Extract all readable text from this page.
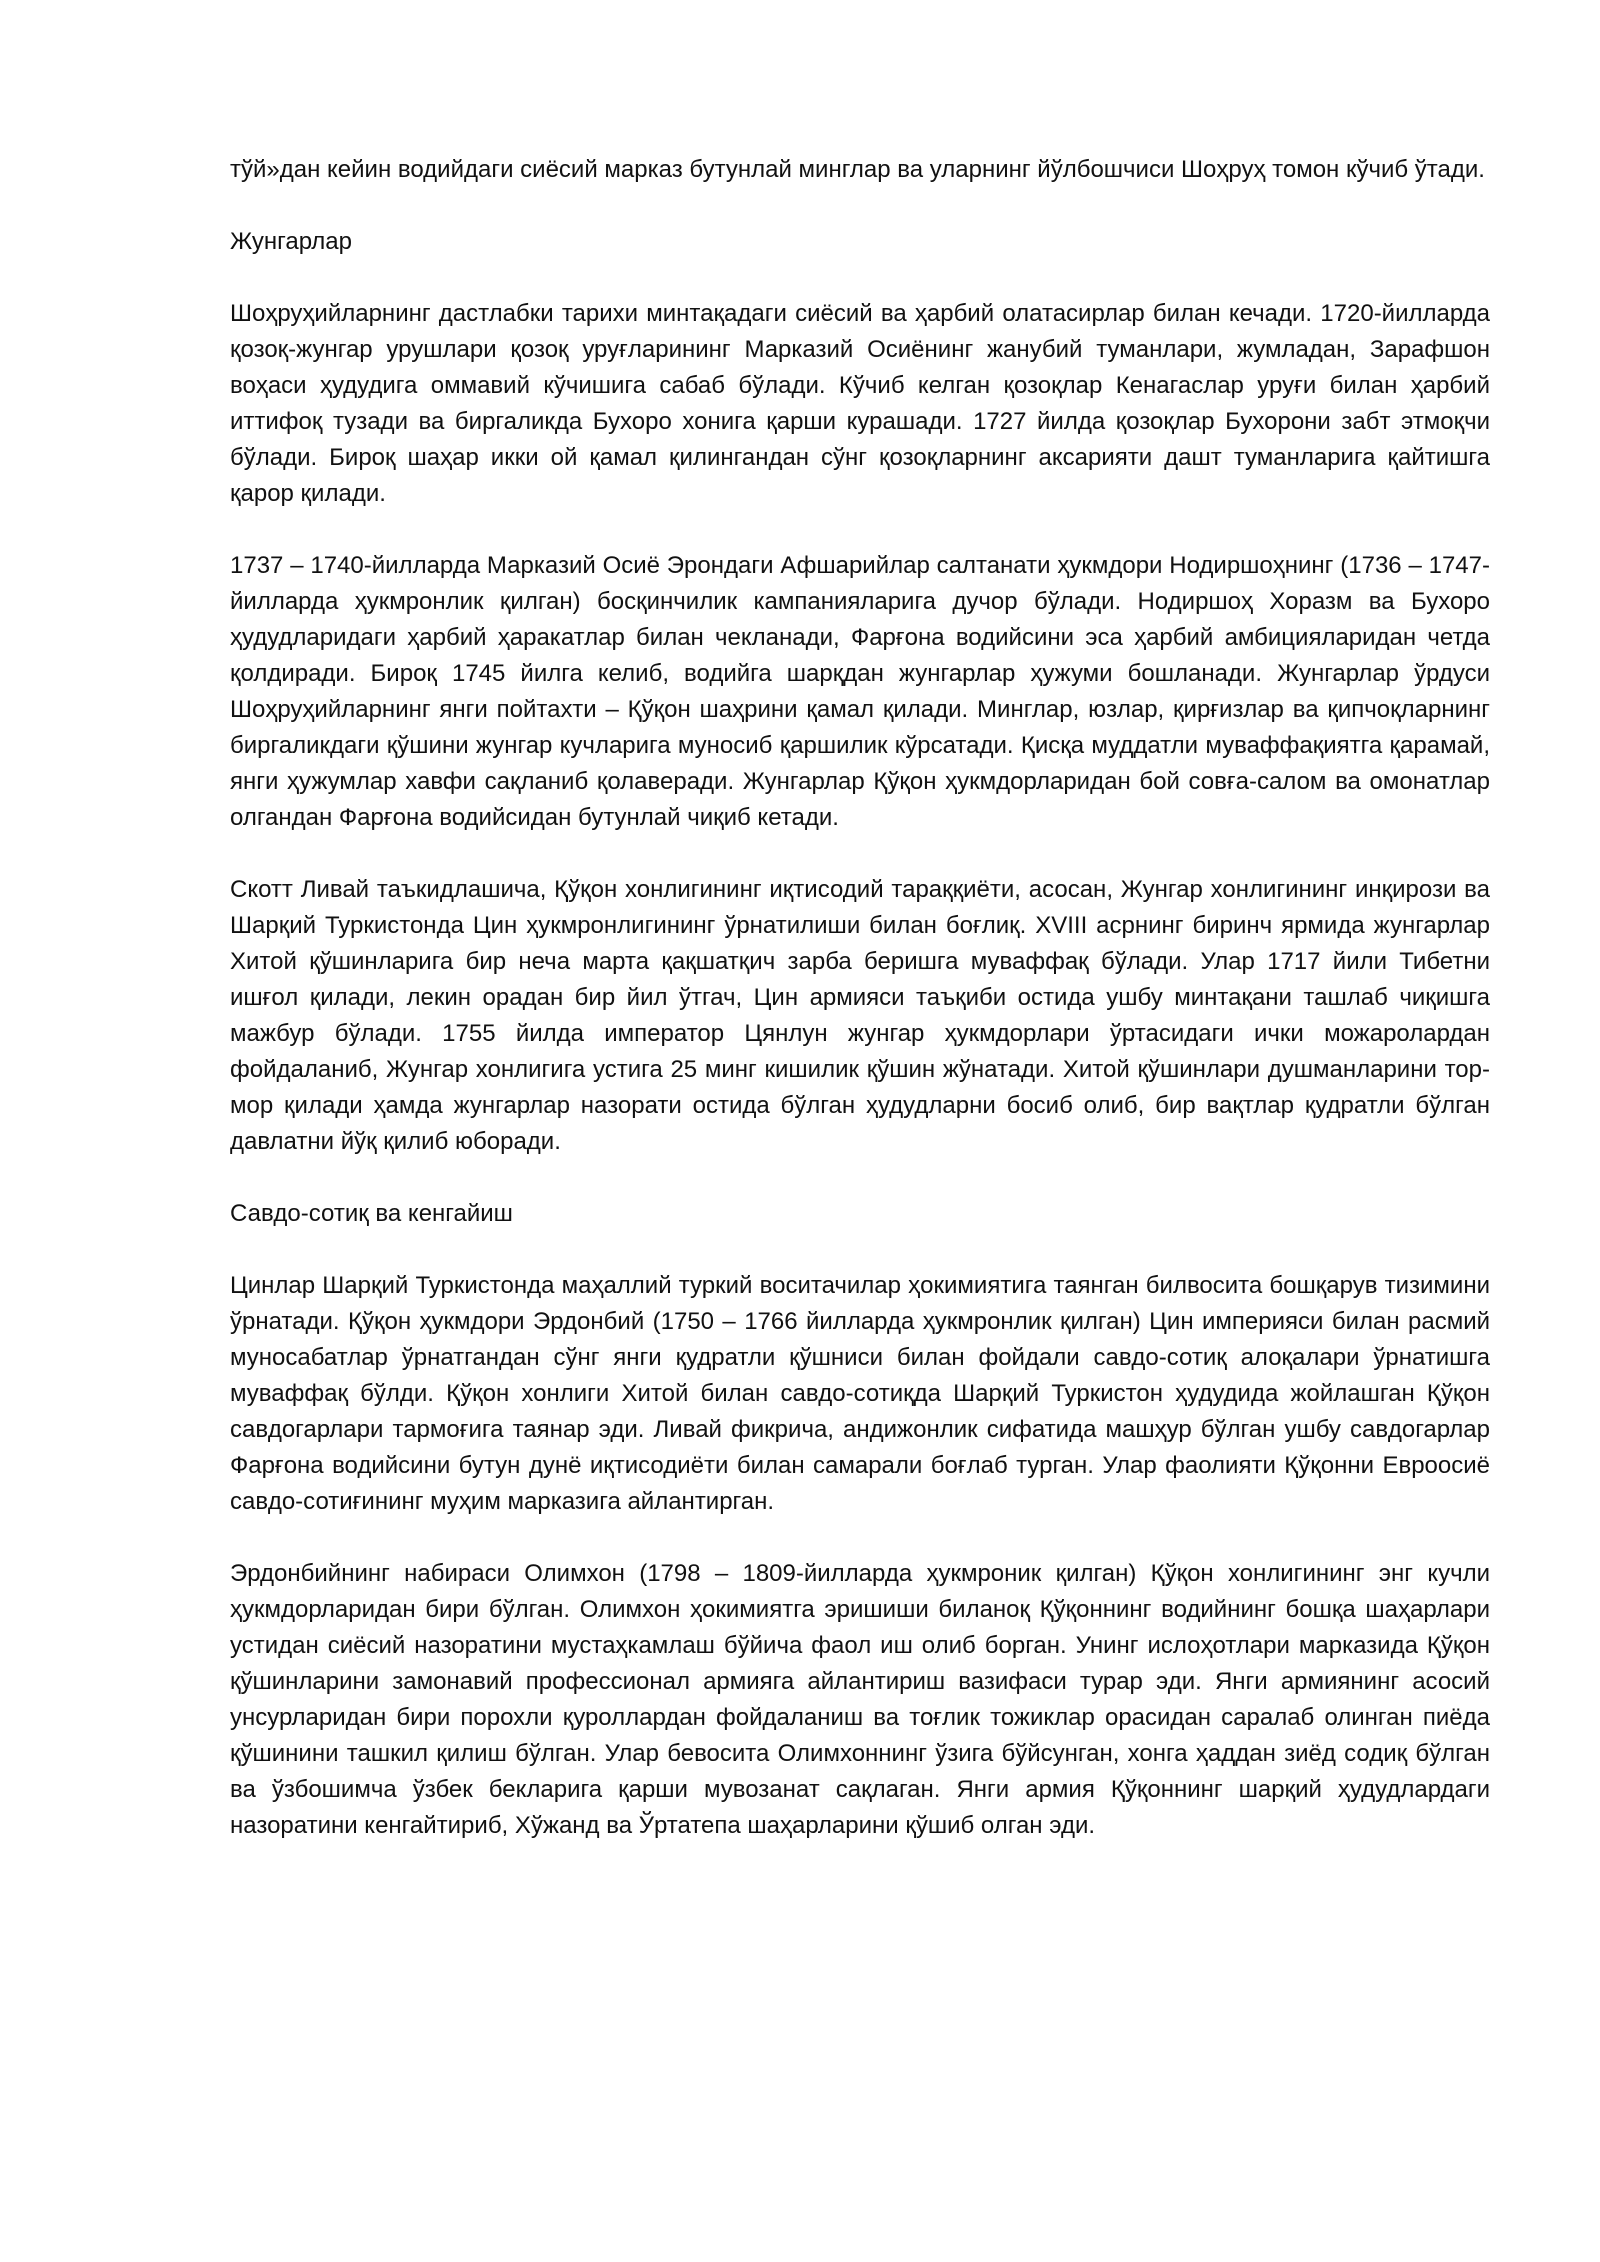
тўй»дан кейин водийдаги сиёсий марказ бутунлай минглар ва уларнинг йўлбошчиси Шоҳруҳ томон кўчиб ўтади.

Жунгарлар

Шоҳруҳийларнинг дастлабки тарихи минтақадаги сиёсий ва ҳарбий олатасирлар билан кечади. 1720-йилларда қозоқ-жунгар урушлари қозоқ уруғларининг Марказий Осиёнинг жанубий туманлари, жумладан, Зарафшон воҳаси ҳудудига оммавий кўчишига сабаб бўлади. Кўчиб келган қозоқлар Кенагаслар уруғи билан ҳарбий иттифоқ тузади ва биргаликда Бухоро хонига қарши курашади. 1727 йилда қозоқлар Бухорони забт этмоқчи бўлади. Бироқ шаҳар икки ой қамал қилингандан сўнг қозоқларнинг аксарияти дашт туманларига қайтишга қарор қилади.

1737 – 1740-йилларда Марказий Осиё Эрондаги Афшарийлар салтанати ҳукмдори Нодиршоҳнинг (1736 – 1747-йилларда ҳукмронлик қилган) босқинчилик кампанияларига дучор бўлади. Нодиршоҳ Хоразм ва Бухоро ҳудудларидаги ҳарбий ҳаракатлар билан чекланади, Фарғона водийсини эса ҳарбий амбицияларидан четда қолдиради. Бироқ 1745 йилга келиб, водийга шарқдан жунгарлар ҳужуми бошланади. Жунгарлар ўрдуси Шоҳруҳийларнинг янги пойтахти – Қўқон шаҳрини қамал қилади. Минглар, юзлар, қирғизлар ва қипчоқларнинг биргаликдаги қўшини жунгар кучларига муносиб қаршилик кўрсатади. Қисқа муддатли муваффақиятга қарамай, янги ҳужумлар хавфи сақланиб қолаверади. Жунгарлар Қўқон ҳукмдорларидан бой совға-салом ва омонатлар олгандан Фарғона водийсидан бутунлай чиқиб кетади.

Скотт Ливай таъкидлашича, Қўқон хонлигининг иқтисодий тараққиёти, асосан, Жунгар хонлигининг инқирози ва Шарқий Туркистонда Цин ҳукмронлигининг ўрнатилиши билан боғлиқ. XVIII асрнинг биринч ярмида жунгарлар Хитой қўшинларига бир неча марта қақшатқич зарба беришга муваффақ бўлади. Улар 1717 йили Тибетни ишғол қилади, лекин орадан бир йил ўтгач, Цин армияси таъқиби остида ушбу минтақани ташлаб чиқишга мажбур бўлади. 1755 йилда император Цянлун жунгар ҳукмдорлари ўртасидаги ички можаролардан фойдаланиб, Жунгар хонлигига устига 25 минг кишилик қўшин жўнатади. Хитой қўшинлари душманларини тор-мор қилади ҳамда жунгарлар назорати остида бўлган ҳудудларни босиб олиб, бир вақтлар қудратли бўлган давлатни йўқ қилиб юборади.

Савдо-сотиқ ва кенгайиш

Цинлар Шарқий Туркистонда маҳаллий туркий воситачилар ҳокимиятига таянган билвосита бошқарув тизимини ўрнатади. Қўқон ҳукмдори Эрдонбий (1750 – 1766 йилларда ҳукмронлик қилган) Цин империяси билан расмий муносабатлар ўрнатгандан сўнг янги қудратли қўшниси билан фойдали савдо-сотиқ алоқалари ўрнатишга муваффақ бўлди. Қўқон хонлиги Хитой билан савдо-сотиқда Шарқий Туркистон ҳудудида жойлашган Қўқон савдогарлари тармоғига таянар эди. Ливай фикрича, андижонлик сифатида машҳур бўлган ушбу савдогарлар Фарғона водийсини бутун дунё иқтисодиёти билан самарали боғлаб турган. Улар фаолияти Қўқонни Евроосиё савдо-сотиғининг муҳим марказига айлантирган.

Эрдонбийнинг набираси Олимхон (1798 – 1809-йилларда ҳукмроник қилган) Қўқон хонлигининг энг кучли ҳукмдорларидан бири бўлган. Олимхон ҳокимиятга эришиши биланоқ Қўқоннинг водийнинг бошқа шаҳарлари устидан сиёсий назоратини мустаҳкамлаш бўйича фаол иш олиб борган. Унинг ислоҳотлари марказида Қўқон қўшинларини замонавий профессионал армияга айлантириш вазифаси турар эди. Янги армиянинг асосий унсурларидан бири порохли қуроллардан фойдаланиш ва тоғлик тожиклар орасидан саралаб олинган пиёда қўшинини ташкил қилиш бўлган. Улар бевосита Олимхоннинг ўзига бўйсунган, хонга ҳаддан зиёд содиқ бўлган ва ўзбошимча ўзбек бекларига қарши мувозанат сақлаган. Янги армия Қўқоннинг шарқий ҳудудлардаги назоратини кенгайтириб, Хўжанд ва Ўртатепа шаҳарларини қўшиб олган эди.
